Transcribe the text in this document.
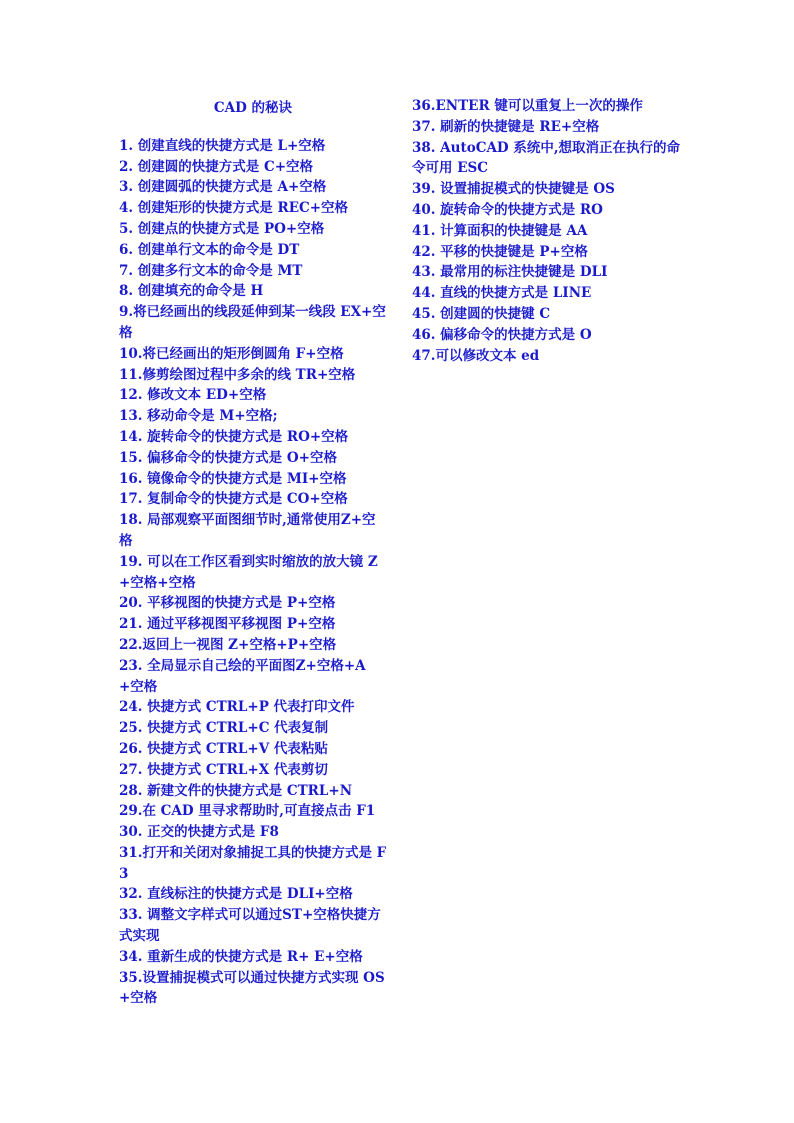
CAD 的秘诀
1. 创建直线的快捷方式是 L+空格
2. 创建圆的快捷方式是 C+空格
3. 创建圆弧的快捷方式是 A+空格
4. 创建矩形的快捷方式是 REC+空格
5. 创建点的快捷方式是 PO+空格
6. 创建单行文本的命令是 DT
7. 创建多行文本的命令是 MT
8. 创建填充的命令是 H
9.将已经画出的线段延伸到某一线段 EX+空格
10.将已经画出的矩形倒圆角 F+空格
11.修剪绘图过程中多余的线 TR+空格
12. 修改文本 ED+空格
13. 移动命令是 M+空格;
14. 旋转命令的快捷方式是 RO+空格
15. 偏移命令的快捷方式是 O+空格
16. 镜像命令的快捷方式是 MI+空格
17. 复制命令的快捷方式是 CO+空格
18. 局部观察平面图细节时,通常使用Z+空格
19. 可以在工作区看到实时缩放的放大镜 Z+空格+空格
20. 平移视图的快捷方式是 P+空格
21. 通过平移视图平移视图 P+空格
22.返回上一视图 Z+空格+P+空格
23. 全局显示自己绘的平面图Z+空格+A+空格
24. 快捷方式 CTRL+P 代表打印文件
25. 快捷方式 CTRL+C 代表复制
26. 快捷方式 CTRL+V 代表粘贴
27. 快捷方式 CTRL+X 代表剪切
28. 新建文件的快捷方式是 CTRL+N
29.在 CAD 里寻求帮助时,可直接点击 F1
30. 正交的快捷方式是 F8
31.打开和关闭对象捕捉工具的快捷方式是 F3
32. 直线标注的快捷方式是 DLI+空格
33. 调整文字样式可以通过ST+空格快捷方式实现
34. 重新生成的快捷方式是 R+ E+空格
35.设置捕捉模式可以通过快捷方式实现 OS+空格
36.ENTER 键可以重复上一次的操作
37. 刷新的快捷键是 RE+空格
38. AutoCAD 系统中,想取消正在执行的命令可用 ESC
39. 设置捕捉模式的快捷键是 OS
40. 旋转命令的快捷方式是 RO
41. 计算面积的快捷键是 AA
42. 平移的快捷键是 P+空格
43. 最常用的标注快捷键是 DLI
44. 直线的快捷方式是 LINE
45. 创建圆的快捷键 C
46. 偏移命令的快捷方式是 O
47.可以修改文本 ed
